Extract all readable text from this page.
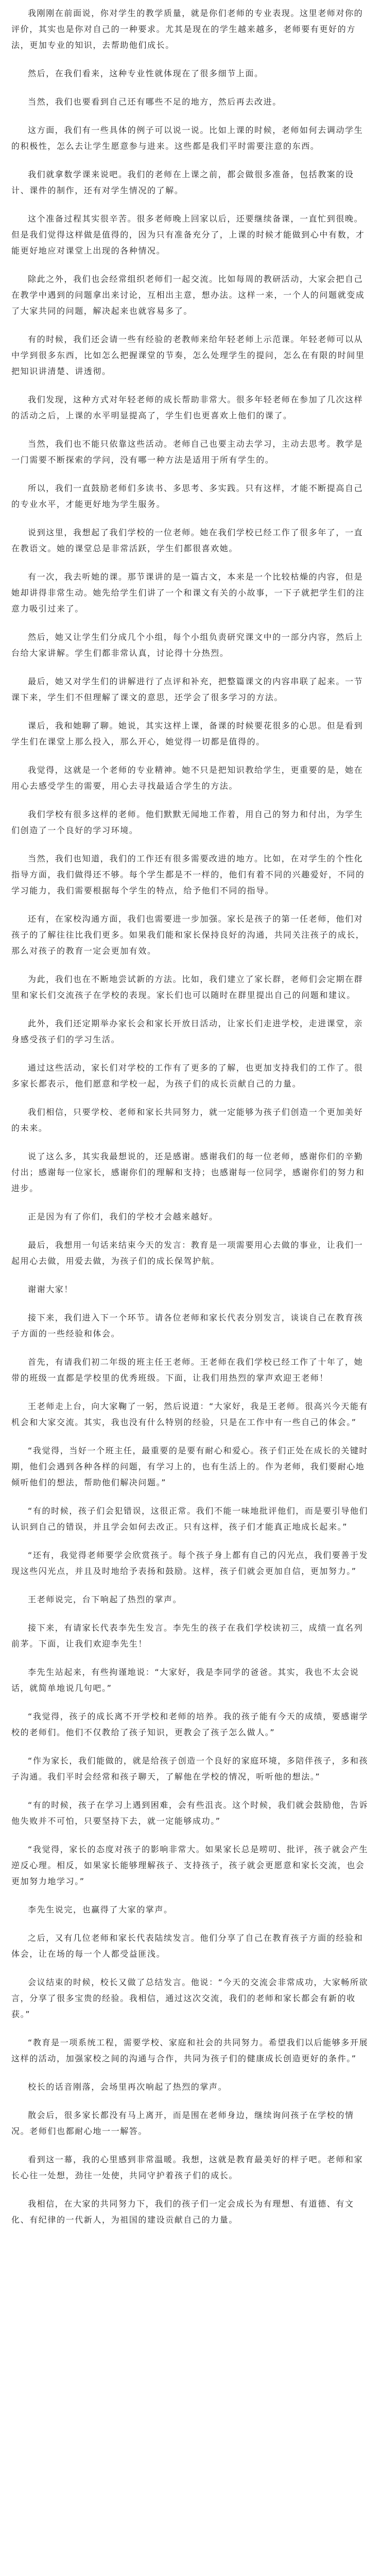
我刚刚在前面说，你对学生的教学质量，就是你们老师的专业表现。这里老师对你的评价，其实也是你对自己的一种要求。尤其是现在的学生越来越多，老师要有更好的方法，更加专业的知识，去帮助他们成长。

然后，在我们看来，这种专业性就体现在了很多细节上面。

当然，我们也要看到自己还有哪些不足的地方，然后再去改进。

这方面，我们有一些具体的例子可以说一说。比如上课的时候，老师如何去调动学生的积极性，怎么去让学生愿意参与进来。这些都是我们平时需要注意的东西。

我们就拿数学课来说吧。我们的老师在上课之前，都会做很多准备，包括教案的设计、课件的制作，还有对学生情况的了解。

这个准备过程其实很辛苦。很多老师晚上回家以后，还要继续备课，一直忙到很晚。但是我们觉得这样做是值得的，因为只有准备充分了，上课的时候才能做到心中有数，才能更好地应对课堂上出现的各种情况。

除此之外，我们也会经常组织老师们一起交流。比如每周的教研活动，大家会把自己在教学中遇到的问题拿出来讨论，互相出主意，想办法。这样一来，一个人的问题就变成了大家共同的问题，解决起来也就容易多了。

有的时候，我们还会请一些有经验的老教师来给年轻老师上示范课。年轻老师可以从中学到很多东西，比如怎么把握课堂的节奏，怎么处理学生的提问，怎么在有限的时间里把知识讲清楚、讲透彻。

我们发现，这种方式对年轻老师的成长帮助非常大。很多年轻老师在参加了几次这样的活动之后，上课的水平明显提高了，学生们也更喜欢上他们的课了。

当然，我们也不能只依靠这些活动。老师自己也要主动去学习，主动去思考。教学是一门需要不断探索的学问，没有哪一种方法是适用于所有学生的。

所以，我们一直鼓励老师们多读书、多思考、多实践。只有这样，才能不断提高自己的专业水平，才能更好地为学生服务。

说到这里，我想起了我们学校的一位老师。她在我们学校已经工作了很多年了，一直在教语文。她的课堂总是非常活跃，学生们都很喜欢她。

有一次，我去听她的课。那节课讲的是一篇古文，本来是一个比较枯燥的内容，但是她却讲得非常生动。她先给学生们讲了一个和课文有关的小故事，一下子就把学生们的注意力吸引过来了。

然后，她又让学生们分成几个小组，每个小组负责研究课文中的一部分内容，然后上台给大家讲解。学生们都非常认真，讨论得十分热烈。

最后，她又对学生们的讲解进行了点评和补充，把整篇课文的内容串联了起来。一节课下来，学生们不但理解了课文的意思，还学会了很多学习的方法。

课后，我和她聊了聊。她说，其实这样上课，备课的时候要花很多的心思。但是看到学生们在课堂上那么投入，那么开心，她觉得一切都是值得的。

我觉得，这就是一个老师的专业精神。她不只是把知识教给学生，更重要的是，她在用心去感受学生的需要，用心去寻找最适合学生的方法。

我们学校有很多这样的老师。他们默默无闻地工作着，用自己的努力和付出，为学生们创造了一个良好的学习环境。

当然，我们也知道，我们的工作还有很多需要改进的地方。比如，在对学生的个性化指导方面，我们做得还不够。每个学生都是不一样的，他们有着不同的兴趣爱好，不同的学习能力，我们需要根据每个学生的特点，给予他们不同的指导。

还有，在家校沟通方面，我们也需要进一步加强。家长是孩子的第一任老师，他们对孩子的了解往往比我们更多。如果我们能和家长保持良好的沟通，共同关注孩子的成长，那么对孩子的教育一定会更加有效。

为此，我们也在不断地尝试新的方法。比如，我们建立了家长群，老师们会定期在群里和家长们交流孩子在学校的表现。家长们也可以随时在群里提出自己的问题和建议。

此外，我们还定期举办家长会和家长开放日活动，让家长们走进学校，走进课堂，亲身感受孩子们的学习生活。

通过这些活动，家长们对学校的工作有了更多的了解，也更加支持我们的工作了。很多家长都表示，他们愿意和学校一起，为孩子们的成长贡献自己的力量。

我们相信，只要学校、老师和家长共同努力，就一定能够为孩子们创造一个更加美好的未来。

说了这么多，其实我最想说的，还是感谢。感谢我们的每一位老师，感谢你们的辛勤付出；感谢每一位家长，感谢你们的理解和支持；也感谢每一位同学，感谢你们的努力和进步。

正是因为有了你们，我们的学校才会越来越好。

最后，我想用一句话来结束今天的发言：教育是一项需要用心去做的事业，让我们一起用心去做，用爱去做，为孩子们的成长保驾护航。

谢谢大家！

接下来，我们进入下一个环节。请各位老师和家长代表分别发言，谈谈自己在教育孩子方面的一些经验和体会。

首先，有请我们初二年级的班主任王老师。王老师在我们学校已经工作了十年了，她带的班级一直都是学校里的优秀班级。下面，让我们用热烈的掌声欢迎王老师！

王老师走上台，向大家鞠了一躬，然后说道：“大家好，我是王老师。很高兴今天能有机会和大家交流。其实，我也没有什么特别的经验，只是在工作中有一些自己的体会。”

“我觉得，当好一个班主任，最重要的是要有耐心和爱心。孩子们正处在成长的关键时期，他们会遇到各种各样的问题，有学习上的，也有生活上的。作为老师，我们要耐心地倾听他们的想法，帮助他们解决问题。”

“有的时候，孩子们会犯错误，这很正常。我们不能一味地批评他们，而是要引导他们认识到自己的错误，并且学会如何去改正。只有这样，孩子们才能真正地成长起来。”

“还有，我觉得老师要学会欣赏孩子。每个孩子身上都有自己的闪光点，我们要善于发现这些闪光点，并且及时地给予表扬和鼓励。这样，孩子们就会更加自信，更加努力。”

王老师说完，台下响起了热烈的掌声。

接下来，有请家长代表李先生发言。李先生的孩子在我们学校读初三，成绩一直名列前茅。下面，让我们欢迎李先生！

李先生站起来，有些拘谨地说：“大家好，我是李同学的爸爸。其实，我也不太会说话，就简单地说几句吧。”

“我觉得，孩子的成长离不开学校和老师的培养。我的孩子能有今天的成绩，要感谢学校的老师们。他们不仅教给了孩子知识，更教会了孩子怎么做人。”

“作为家长，我们能做的，就是给孩子创造一个良好的家庭环境，多陪伴孩子，多和孩子沟通。我们平时会经常和孩子聊天，了解他在学校的情况，听听他的想法。”

“有的时候，孩子在学习上遇到困难，会有些沮丧。这个时候，我们就会鼓励他，告诉他失败并不可怕，只要坚持下去，就一定能够成功。”

“我觉得，家长的态度对孩子的影响非常大。如果家长总是唠叨、批评，孩子就会产生逆反心理。相反，如果家长能够理解孩子、支持孩子，孩子就会更愿意和家长交流，也会更加努力地学习。”

李先生说完，也赢得了大家的掌声。

之后，又有几位老师和家长代表陆续发言。他们分享了自己在教育孩子方面的经验和体会，让在场的每一个人都受益匪浅。

会议结束的时候，校长又做了总结发言。他说：“今天的交流会非常成功，大家畅所欲言，分享了很多宝贵的经验。我相信，通过这次交流，我们的老师和家长都会有新的收获。”

“教育是一项系统工程，需要学校、家庭和社会的共同努力。希望我们以后能够多开展这样的活动，加强家校之间的沟通与合作，共同为孩子们的健康成长创造更好的条件。”

校长的话音刚落，会场里再次响起了热烈的掌声。

散会后，很多家长都没有马上离开，而是围在老师身边，继续询问孩子在学校的情况。老师们也都耐心地一一解答。

看到这一幕，我的心里感到非常温暖。我想，这就是教育最美好的样子吧。老师和家长心往一处想，劲往一处使，共同守护着孩子们的成长。

我相信，在大家的共同努力下，我们的孩子们一定会成长为有理想、有道德、有文化、有纪律的一代新人，为祖国的建设贡献自己的力量。
